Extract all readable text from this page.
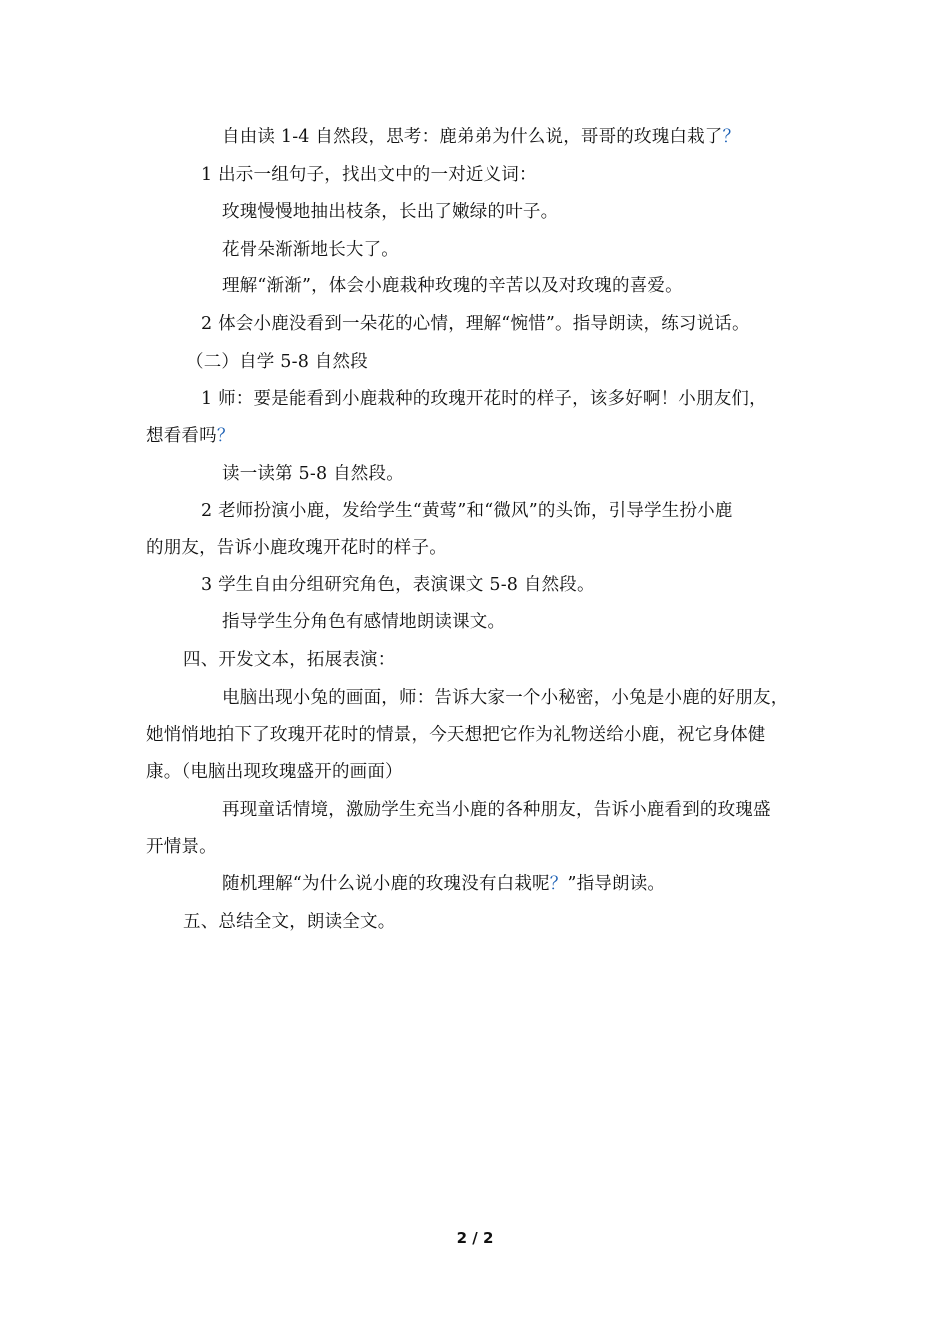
自由读 1-4 自然段，思考：鹿弟弟为什么说，哥哥的玫瑰白栽了？
1 出示一组句子，找出文中的一对近义词：
玫瑰慢慢地抽出枝条，长出了嫩绿的叶子。
花骨朵渐渐地长大了。
理解“渐渐”，体会小鹿栽种玫瑰的辛苦以及对玫瑰的喜爱。
2 体会小鹿没看到一朵花的心情，理解“惋惜”。指导朗读，练习说话。
（二）自学 5-8 自然段
1 师：要是能看到小鹿栽种的玫瑰开花时的样子，该多好啊！小朋友们，
想看看吗？
读一读第 5-8 自然段。
2 老师扮演小鹿，发给学生“黄莺”和“微风”的头饰，引导学生扮小鹿
的朋友，告诉小鹿玫瑰开花时的样子。
3 学生自由分组研究角色，表演课文 5-8 自然段。
指导学生分角色有感情地朗读课文。
四、开发文本，拓展表演：
电脑出现小兔的画面，师：告诉大家一个小秘密，小兔是小鹿的好朋友，
她悄悄地拍下了玫瑰开花时的情景，今天想把它作为礼物送给小鹿，祝它身体健
康。（电脑出现玫瑰盛开的画面）
再现童话情境，激励学生充当小鹿的各种朋友，告诉小鹿看到的玫瑰盛
开情景。
随机理解“为什么说小鹿的玫瑰没有白栽呢？”指导朗读。
五、总结全文，朗读全文。
2 / 2
